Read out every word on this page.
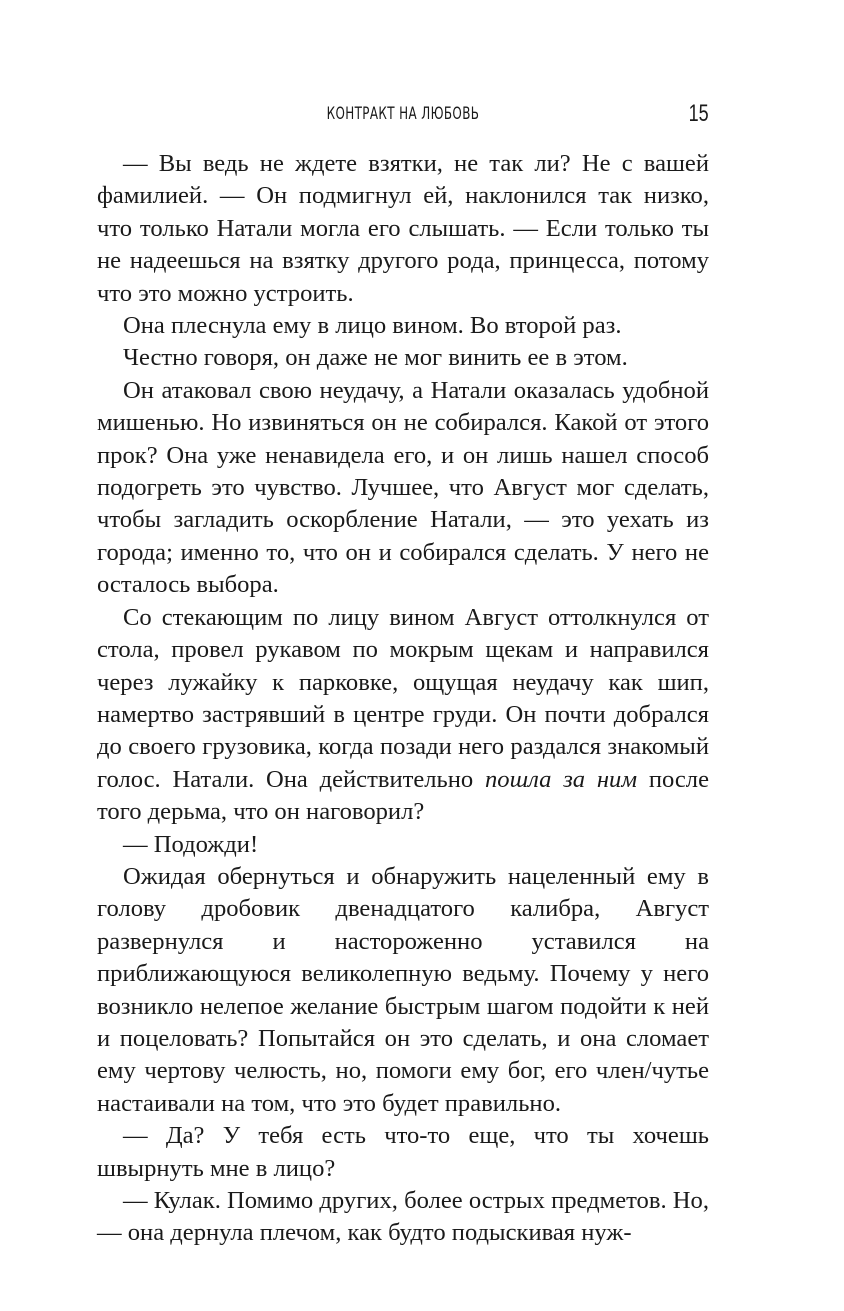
КОНТРАКТ НА ЛЮБОВЬ	15

— Вы ведь не ждете взятки, не так ли? Не с вашей фамилией. — Он подмигнул ей, наклонился так низко, что только Натали могла его слышать. — Если только ты не надеешься на взятку другого рода, принцесса, потому что это можно устроить.

Она плеснула ему в лицо вином. Во второй раз.

Честно говоря, он даже не мог винить ее в этом.

Он атаковал свою неудачу, а Натали оказалась удобной мишенью. Но извиняться он не собирался. Какой от этого прок? Она уже ненавидела его, и он лишь нашел способ подогреть это чувство. Лучшее, что Август мог сделать, чтобы загладить оскорбление Натали, — это уехать из города; именно то, что он и собирался сделать. У него не осталось выбора.

Со стекающим по лицу вином Август оттолкнулся от стола, провел рукавом по мокрым щекам и направился через лужайку к парковке, ощущая неудачу как шип, намертво застрявший в центре груди. Он почти добрался до своего грузовика, когда позади него раздался знакомый голос. Натали. Она действительно пошла за ним после того дерьма, что он наговорил?

— Подожди!

Ожидая обернуться и обнаружить нацеленный ему в голову дробовик двенадцатого калибра, Август развернулся и настороженно уставился на приближающуюся великолепную ведьму. Почему у него возникло нелепое желание быстрым шагом подойти к ней и поцеловать? Попытайся он это сделать, и она сломает ему чертову челюсть, но, помоги ему бог, его член/чутье настаивали на том, что это будет правильно.

— Да? У тебя есть что-то еще, что ты хочешь швырнуть мне в лицо?

— Кулак. Помимо других, более острых предметов. Но, — она дернула плечом, как будто подыскивая нуж-
